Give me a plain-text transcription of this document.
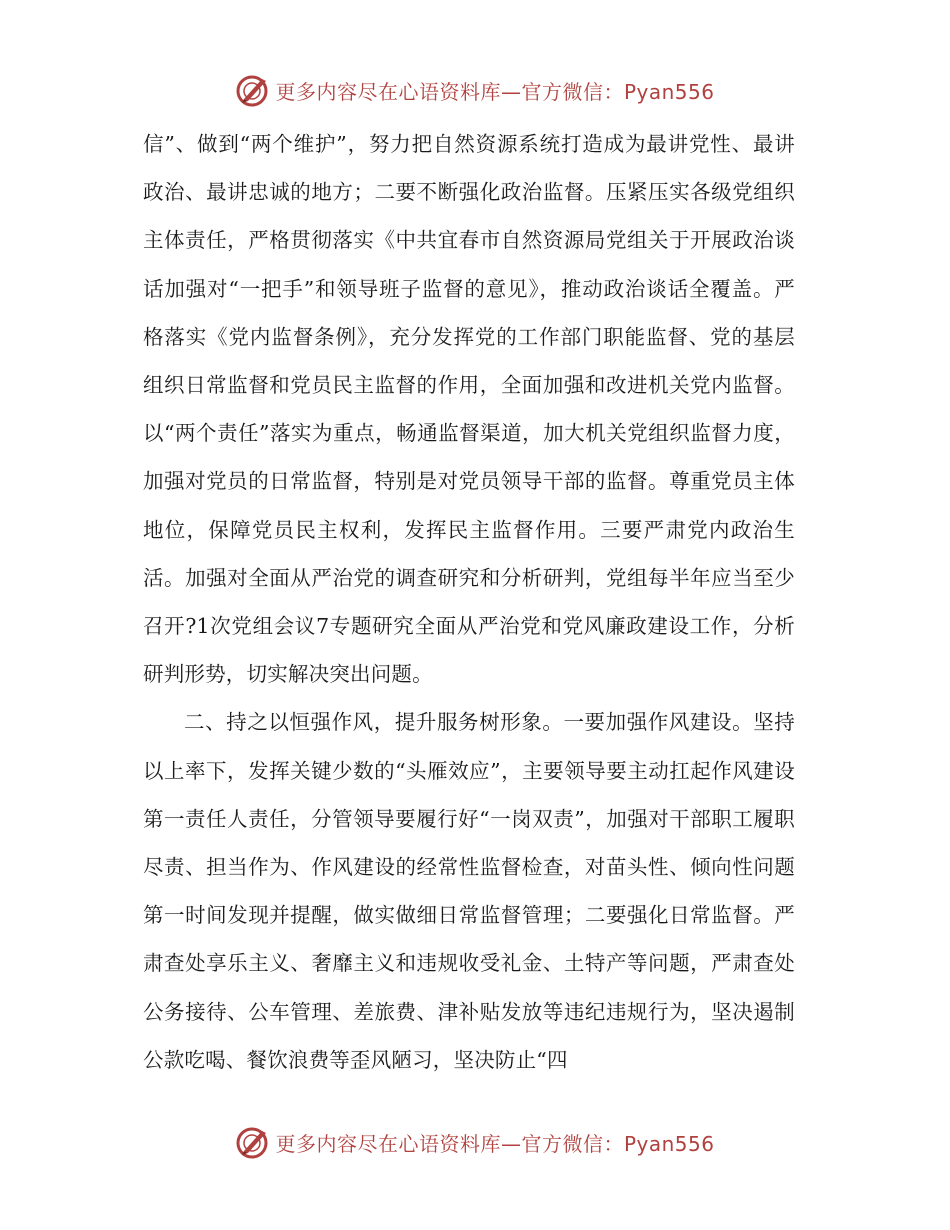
更多内容尽在心语资料库—官方微信：Pyan556

信”、做到“两个维护”，努力把自然资源系统打造成为最讲党性、最讲政治、最讲忠诚的地方；二要不断强化政治监督。压紧压实各级党组织主体责任，严格贯彻落实《中共宜春市自然资源局党组关于开展政治谈话加强对“一把手”和领导班子监督的意见》，推动政治谈话全覆盖。严格落实《党内监督条例》，充分发挥党的工作部门职能监督、党的基层组织日常监督和党员民主监督的作用，全面加强和改进机关党内监督。以“两个责任”落实为重点，畅通监督渠道，加大机关党组织监督力度，加强对党员的日常监督，特别是对党员领导干部的监督。尊重党员主体地位，保障党员民主权利，发挥民主监督作用。三要严肃党内政治生活。加强对全面从严治党的调查研究和分析研判，党组每半年应当至少召开?1次党组会议7专题研究全面从严治党和党风廉政建设工作，分析研判形势，切实解决突出问题。

二、持之以恒强作风，提升服务树形象。一要加强作风建设。坚持以上率下，发挥关键少数的“头雁效应”，主要领导要主动扛起作风建设第一责任人责任，分管领导要履行好“一岗双责”，加强对干部职工履职尽责、担当作为、作风建设的经常性监督检查，对苗头性、倾向性问题第一时间发现并提醒，做实做细日常监督管理；二要强化日常监督。严肃查处享乐主义、奢靡主义和违规收受礼金、土特产等问题，严肃查处公务接待、公车管理、差旅费、津补贴发放等违纪违规行为，坚决遏制公款吃喝、餐饮浪费等歪风陋习，坚决防止“四

更多内容尽在心语资料库—官方微信：Pyan556
